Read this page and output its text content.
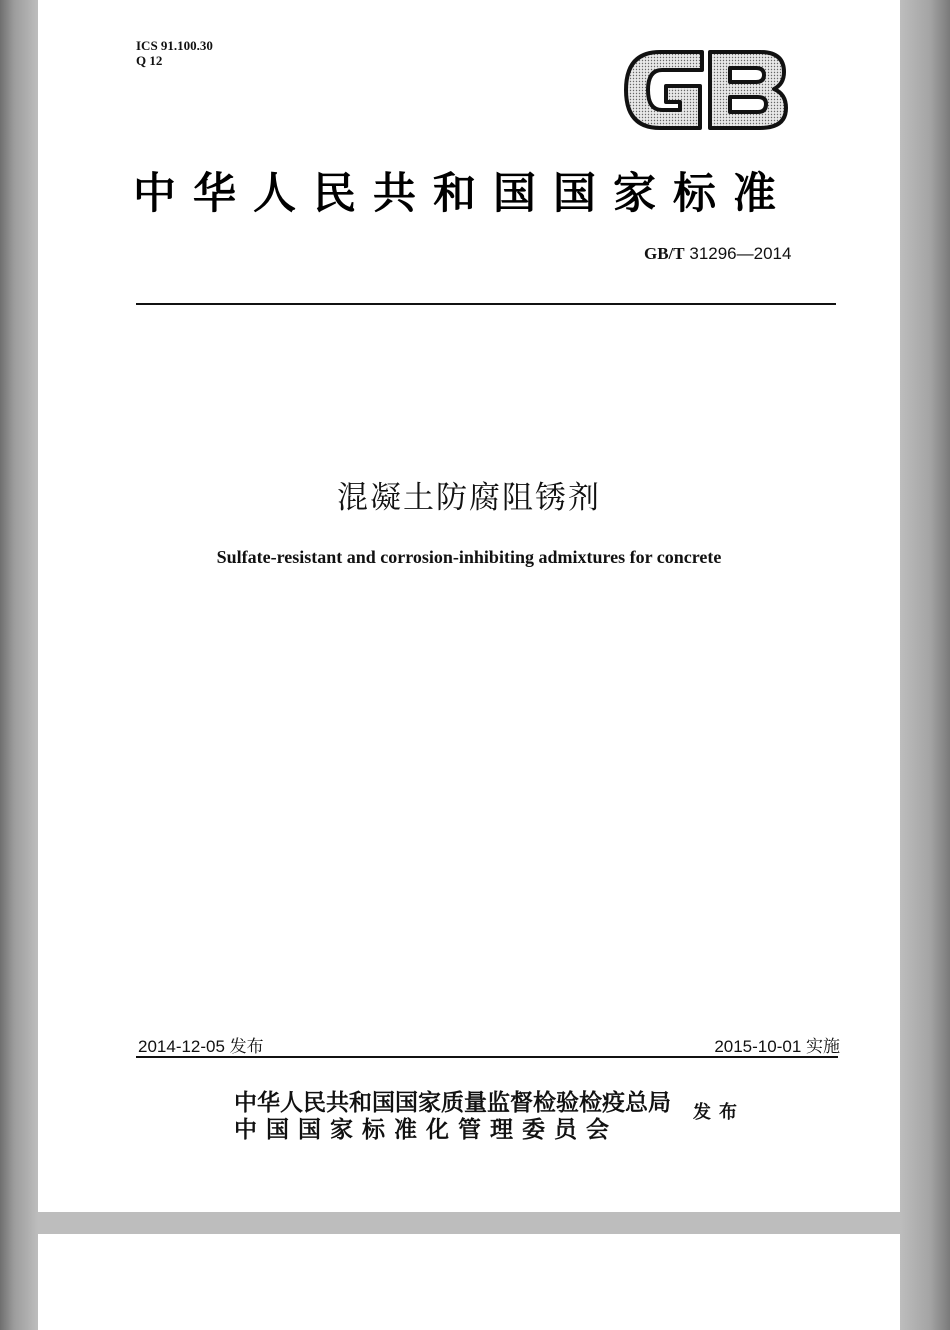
ICS 91.100.30
Q 12
GB
中华人民共和国国家标准
GB/T 31296—2014
混凝土防腐阻锈剂
Sulfate-resistant and corrosion-inhibiting admixtures for concrete
2014-12-05 发布	2015-10-01 实施
中华人民共和国国家质量监督检验检疫总局
中国国家标准化管理委员会
发布
